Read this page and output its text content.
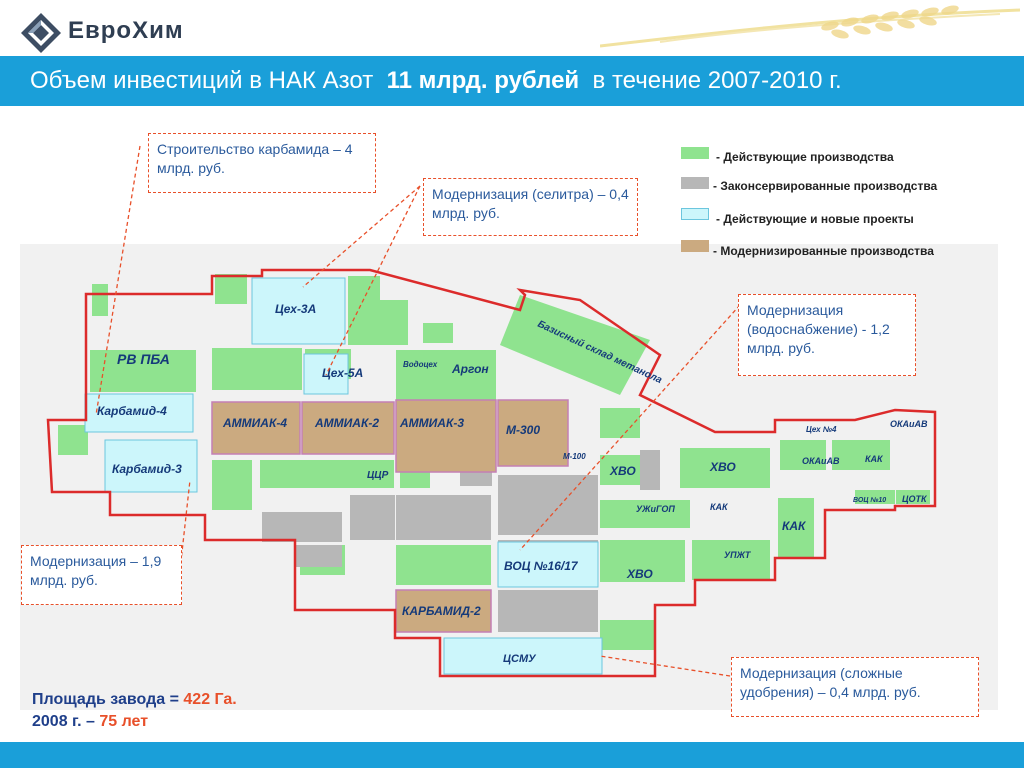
ЕвроХим
Объем инвестиций в НАК Азот 11 млрд. рублей в течение 2007-2010 г.
Цех-3А
Цех-5А
РВ ПБА	Водоцех Аргон	Базисный склад метанола
Карбамид-4
Карбамид-3
АММИАК-4 АММИАК-2 АММИАК-3	М-300
М-100
ЦЦР	ХВО	ХВО
ХВО
УЖиГОП	КАК
КАК
КАК
УПЖТ
ВОЦ №16/17
КАРБАМИД-2
ЦСМУ
Цех №4
ОКАиАВ
ОКАиАВ
ВОЦ №10 ЦОТК
Строительство карбамида – 4 млрд. руб.
Модернизация (селитра) – 0,4 млрд. руб.
Модернизация (водоснабжение) - 1,2 млрд. руб.
Модернизация – 1,9 млрд. руб.
Модернизация (сложные удобрения) – 0,4 млрд. руб.
- Действующие производства
- Законсервированные производства
- Действующие и новые проекты
- Модернизированные производства
Площадь завода = 422 Га.
2008 г. – 75 лет
